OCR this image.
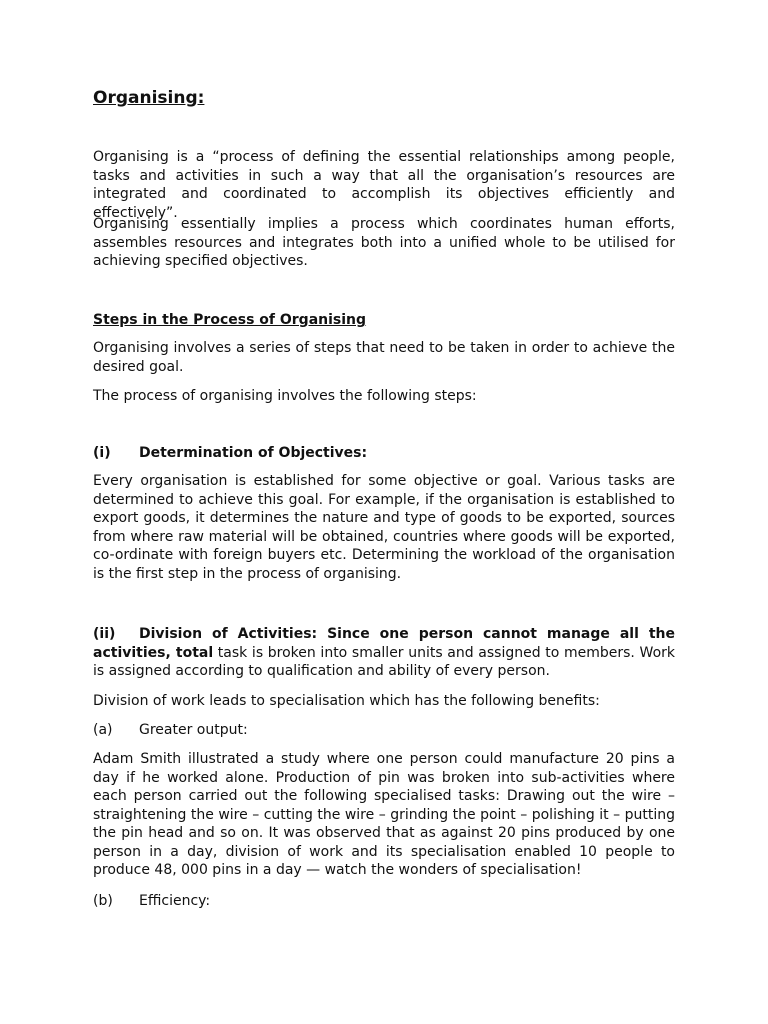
Organising:

Organising is a “process of defining the essential relationships among people, tasks and activities in such a way that all the organisation’s resources are integrated and coordinated to accomplish its objectives efficiently and effectively”.

Organising essentially implies a process which coordinates human efforts, assembles resources and integrates both into a unified whole to be utilised for achieving specified objectives.

Steps in the Process of Organising

Organising involves a series of steps that need to be taken in order to achieve the desired goal.

The process of organising involves the following steps:

(i) Determination of Objectives:

Every organisation is established for some objective or goal. Various tasks are determined to achieve this goal. For example, if the organisation is established to export goods, it determines the nature and type of goods to be exported, sources from where raw material will be obtained, countries where goods will be exported, co-ordinate with foreign buyers etc. Determining the workload of the organisation is the first step in the process of organising.

(ii) Division of Activities: Since one person cannot manage all the activities, total task is broken into smaller units and assigned to members. Work is assigned according to qualification and ability of every person.

Division of work leads to specialisation which has the following benefits:

(a) Greater output:

Adam Smith illustrated a study where one person could manufacture 20 pins a day if he worked alone. Production of pin was broken into sub-activities where each person carried out the following specialised tasks: Drawing out the wire – straightening the wire – cutting the wire – grinding the point – polishing it – putting the pin head and so on. It was observed that as against 20 pins produced by one person in a day, division of work and its specialisation enabled 10 people to produce 48, 000 pins in a day — watch the wonders of specialisation!

(b) Efficiency:
